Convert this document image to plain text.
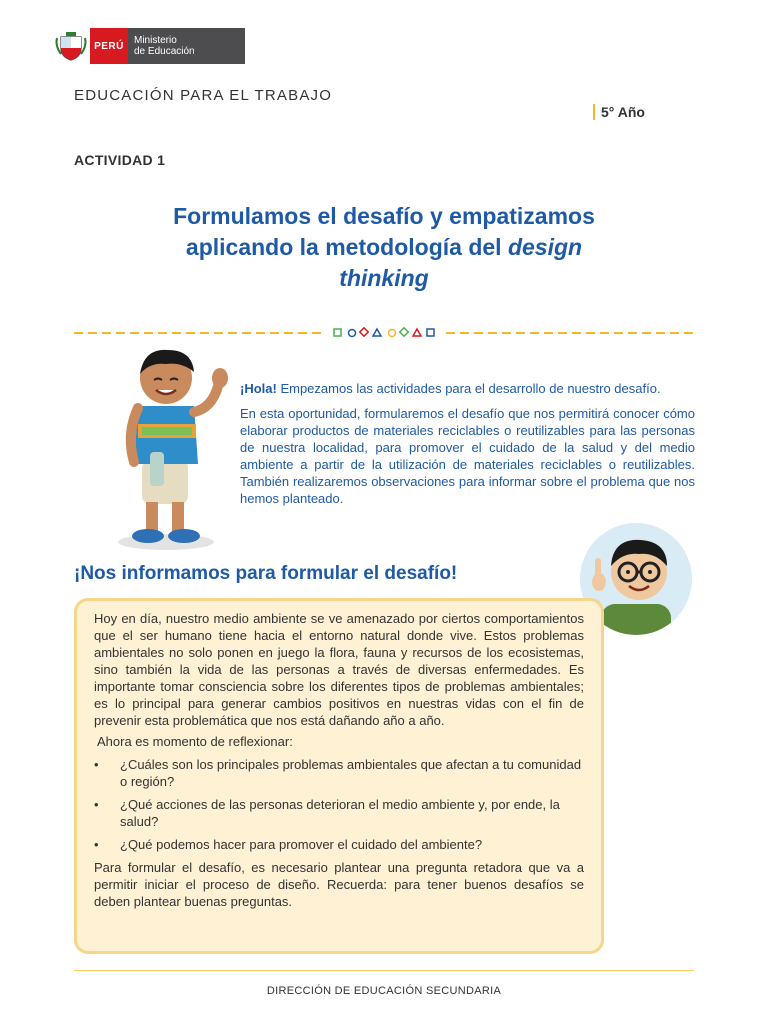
PERÚ	Ministerio
de Educación
EDUCACIÓN PARA EL TRABAJO
5° Año
ACTIVIDAD 1
Formulamos el desafío y empatizamos
aplicando la metodología del design
thinking

¡Hola! Empezamos las actividades para el desarrollo de nuestro desafío.

En esta oportunidad, formularemos el desafío que nos permitirá conocer cómo elaborar productos de materiales reciclables o reutilizables para las personas de nuestra localidad, para promover el cuidado de la salud y del medio ambiente a partir de la utilización de materiales reciclables o reutilizables. También realizaremos observaciones para informar sobre el problema que nos hemos planteado.

¡Nos informamos para formular el desafío!

Hoy en día, nuestro medio ambiente se ve amenazado por ciertos comportamientos que el ser humano tiene hacia el entorno natural donde vive. Estos problemas ambientales no solo ponen en juego la flora, fauna y recursos de los ecosistemas, sino también la vida de las personas a través de diversas enfermedades. Es importante tomar consciencia sobre los diferentes tipos de problemas ambientales; es lo principal para generar cambios positivos en nuestras vidas con el fin de prevenir esta problemática que nos está dañando año a año.

Ahora es momento de reflexionar:

• ¿Cuáles son los principales problemas ambientales que afectan a tu comunidad o región?
• ¿Qué acciones de las personas deterioran el medio ambiente y, por ende, la salud?
• ¿Qué podemos hacer para promover el cuidado del ambiente?

Para formular el desafío, es necesario plantear una pregunta retadora que va a permitir iniciar el proceso de diseño. Recuerda: para tener buenos desafíos se deben plantear buenas preguntas.

DIRECCIÓN DE EDUCACIÓN SECUNDARIA
